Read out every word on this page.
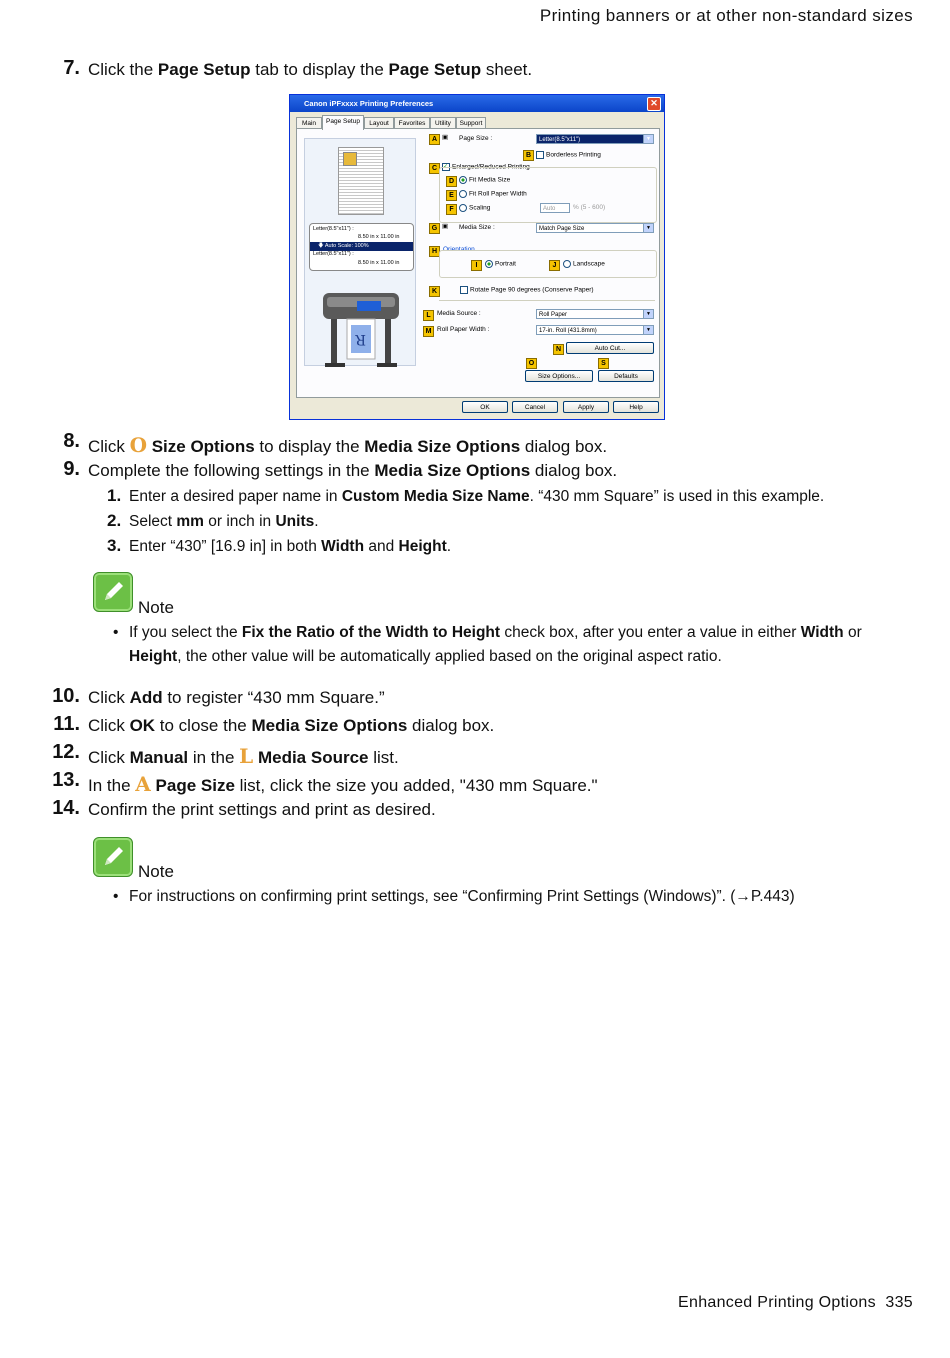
Printing banners or at other non-standard sizes
7. Click the Page Setup tab to display the Page Setup sheet.
Canon iPFxxxx Printing Preferences	✕
Main	Page Setup	Layout	Favorites	Utility	Support
Letter(8.5"x11") :
8.50 in x 11.00 in
🡇 Auto Scale: 100%
Letter(8.5"x11") :
8.50 in x 11.00 in
R
A ▣ Page Size :	Letter(8.5"x11")	▼
B	Borderless Printing
C
✓	Enlarged/Reduced Printing
D	Fit Media Size
E	Fit Roll Paper Width
F	Scaling	Auto	% (5 - 600)
G ▣ Media Size :	Match Page Size	▼
H Orientation
I	Portrait	J	Landscape
K	Rotate Page 90 degrees (Conserve Paper)
L Media Source :	Roll Paper	▼
M Roll Paper Width :	17-in. Roll (431.8mm)	▼
N	Auto Cut...
O	S
Size Options...	Defaults
OK	Cancel	Apply	Help
8. Click O Size Options to display the Media Size Options dialog box.
9. Complete the following settings in the Media Size Options dialog box.
1. Enter a desired paper name in Custom Media Size Name. “430 mm Square” is used in this example.
2. Select mm or inch in Units.
3. Enter “430” [16.9 in] in both Width and Height.
Note
• If you select the Fix the Ratio of the Width to Height check box, after you enter a value in either Width or Height, the other value will be automatically applied based on the original aspect ratio.
10. Click Add to register “430 mm Square.”
11. Click OK to close the Media Size Options dialog box.
12. Click Manual in the L Media Source list.
13. In the A Page Size list, click the size you added, "430 mm Square."
14. Confirm the print settings and print as desired.
Note
• For instructions on confirming print settings, see “Confirming Print Settings (Windows)”. (→P.443)
Enhanced Printing Options 335
